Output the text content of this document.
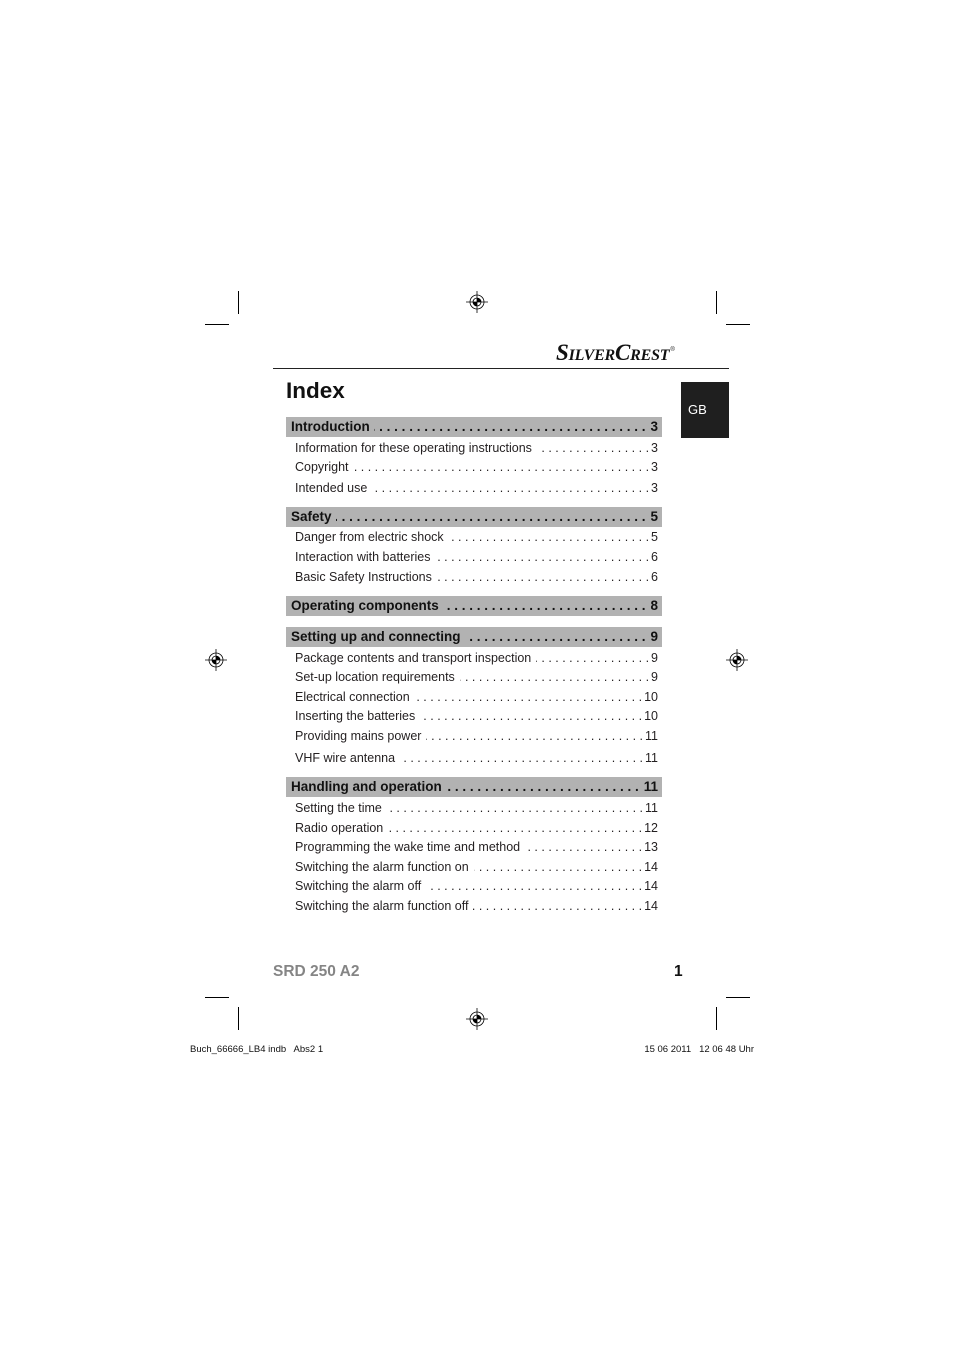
SilverCrest®
Index
GB
Introduction . . .	3
Information for these operating instructions . . .	3
Copyright . . .	3
Intended use . . .	3
Safety . . .	5
Danger from electric shock . . .	5
Interaction with batteries . . .	6
Basic Safety Instructions . . .	6
Operating components . . .	8
Setting up and connecting . . .	9
Package contents and transport inspection . . .	9
Set-up location requirements . . .	9
Electrical connection . . .	10
Inserting the batteries . . .	10
Providing mains power . . .	11
VHF wire antenna . . .	11
Handling and operation . . .	11
Setting the time . . .	11
Radio operation . . .	12
Programming the wake time and method . . .	13
Switching the alarm function on . . .	14
Switching the alarm off . . .	14
Switching the alarm function off . . .	14
SRD 250 A2	1
Buch_66666_LB4 indb   Abs2 1	15 06 2011   12 06 48 Uhr
